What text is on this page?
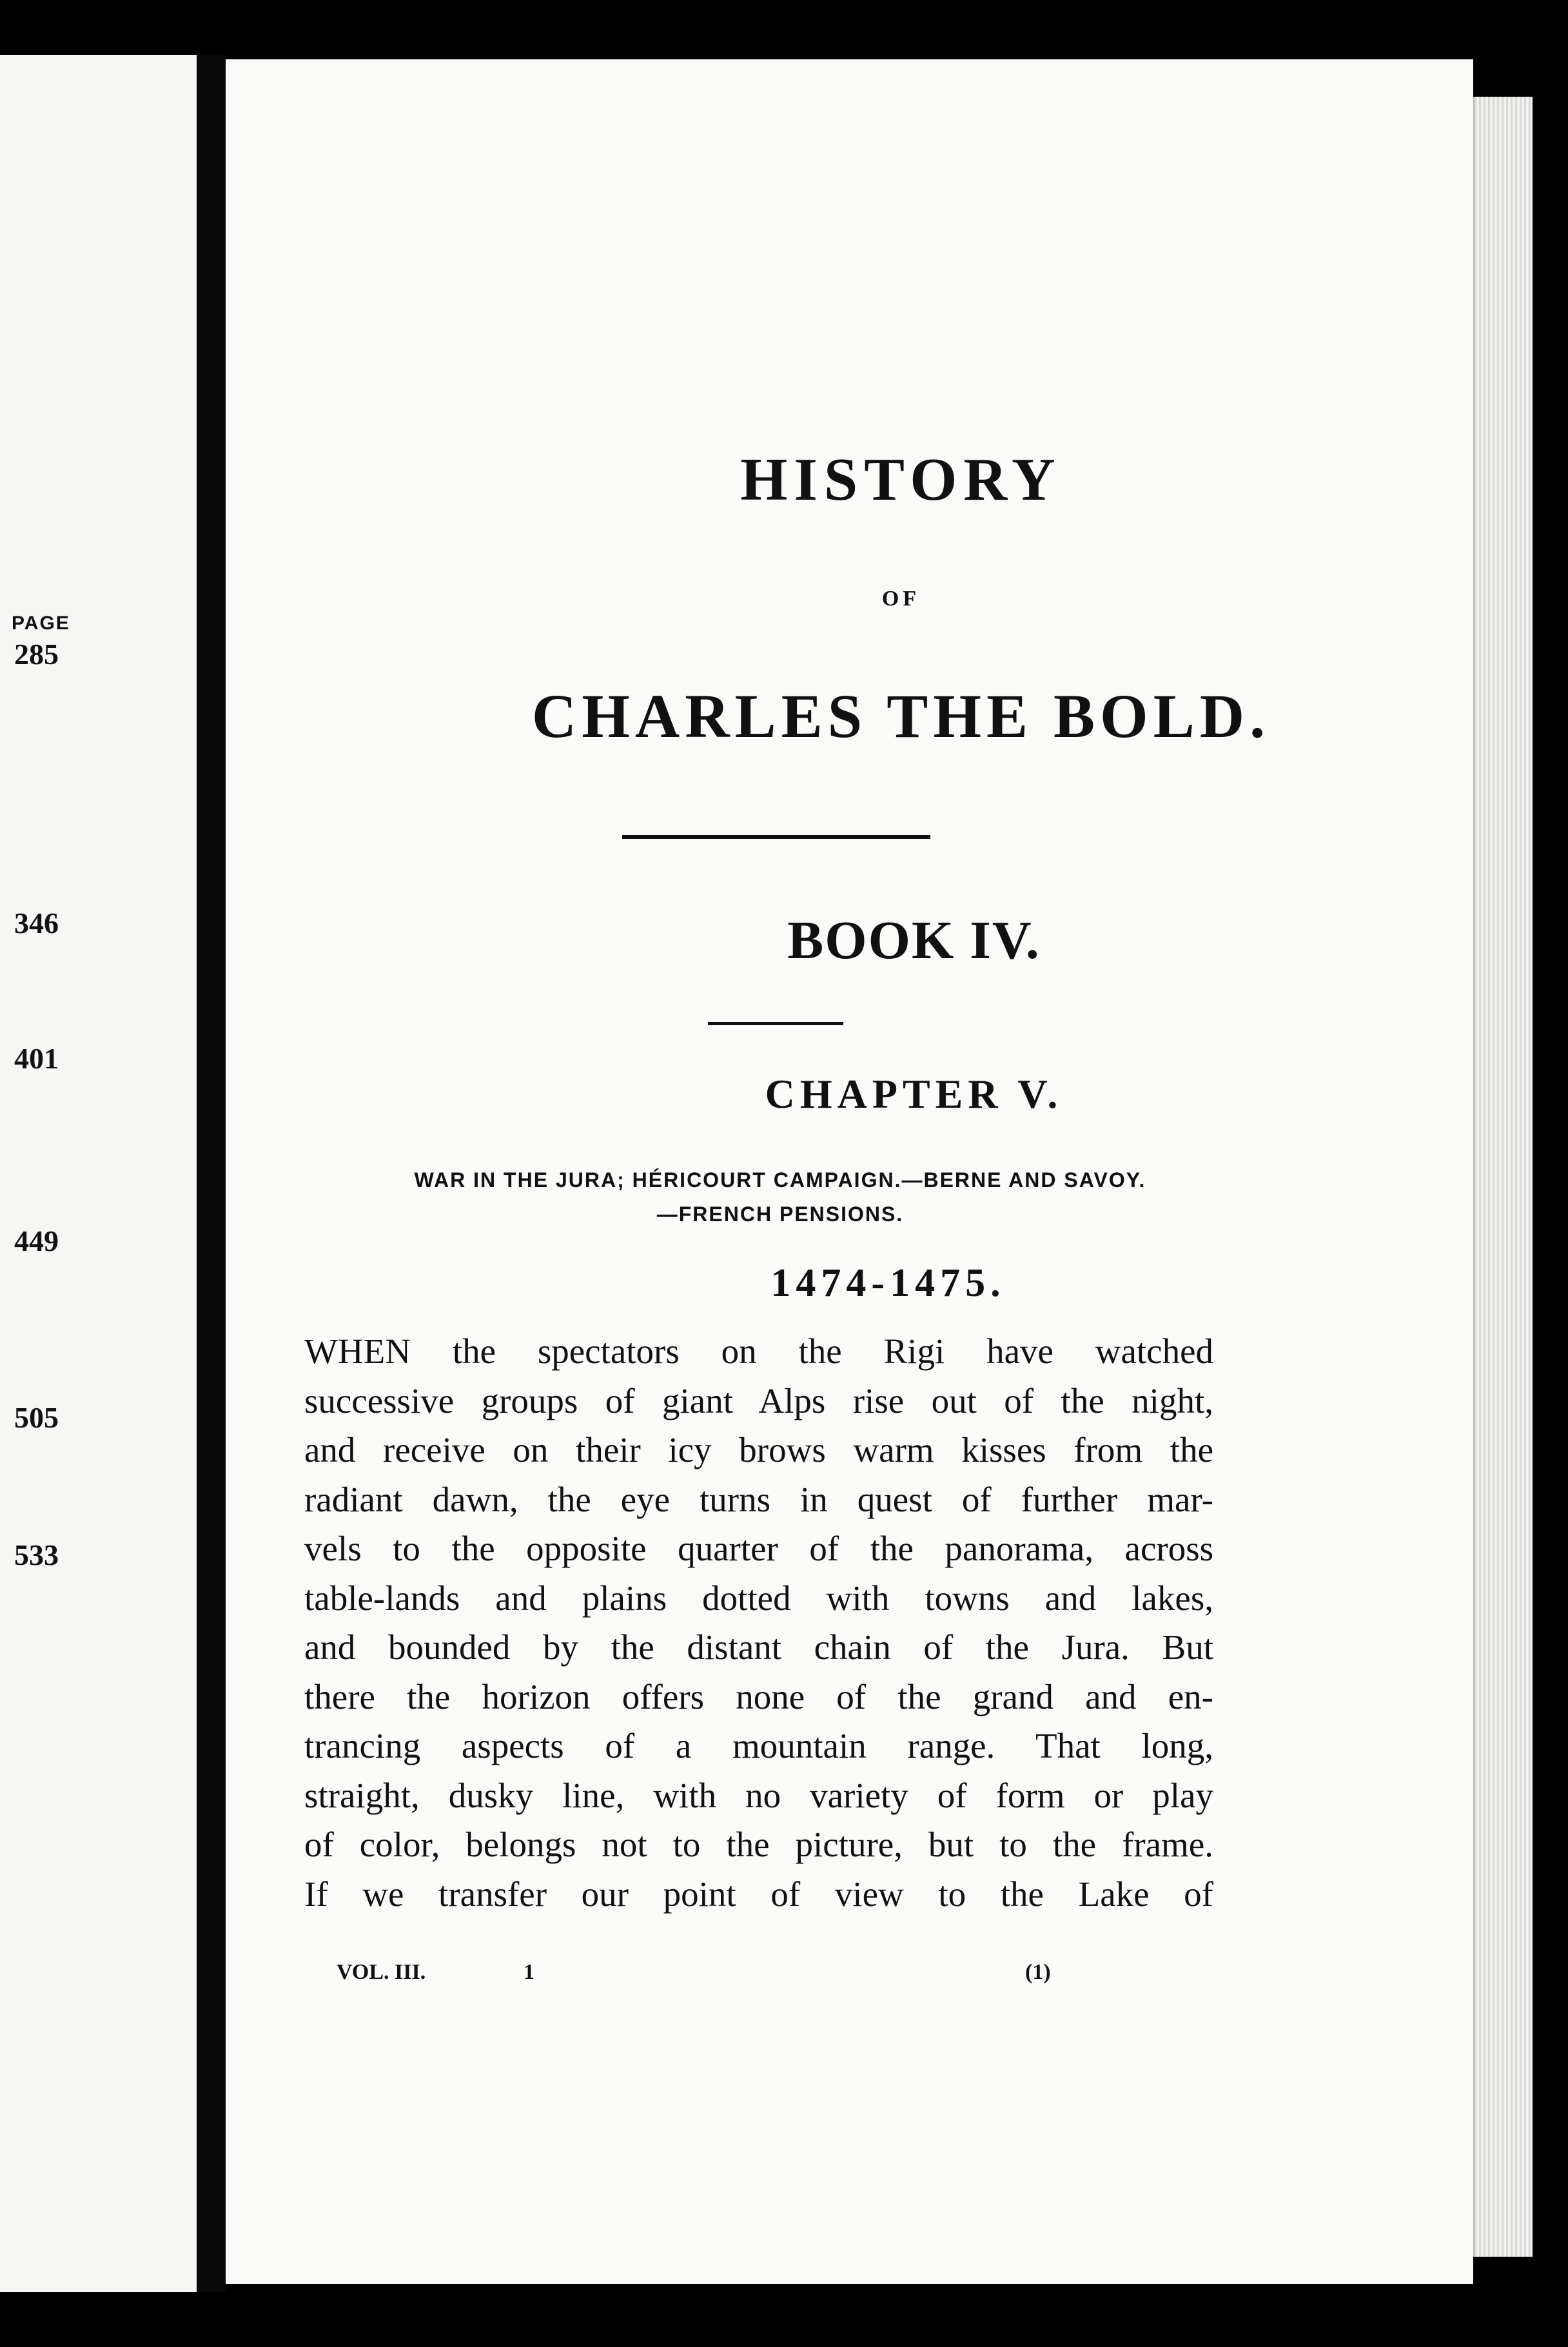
PAGE
285
346
401
449
505
533
HISTORY
OF
CHARLES THE BOLD.
BOOK IV.
CHAPTER V.
WAR IN THE JURA; HÉRICOURT CAMPAIGN.—BERNE AND SAVOY.
—FRENCH PENSIONS.
1474-1475.
WHEN the spectators on the Rigi have watched
successive groups of giant Alps rise out of the night,
and receive on their icy brows warm kisses from the
radiant dawn, the eye turns in quest of further mar-
vels to the opposite quarter of the panorama, across
table-lands and plains dotted with towns and lakes,
and bounded by the distant chain of the Jura. But
there the horizon offers none of the grand and en-
trancing aspects of a mountain range. That long,
straight, dusky line, with no variety of form or play
of color, belongs not to the picture, but to the frame.
If we transfer our point of view to the Lake of
VOL. III.	1	(1)
